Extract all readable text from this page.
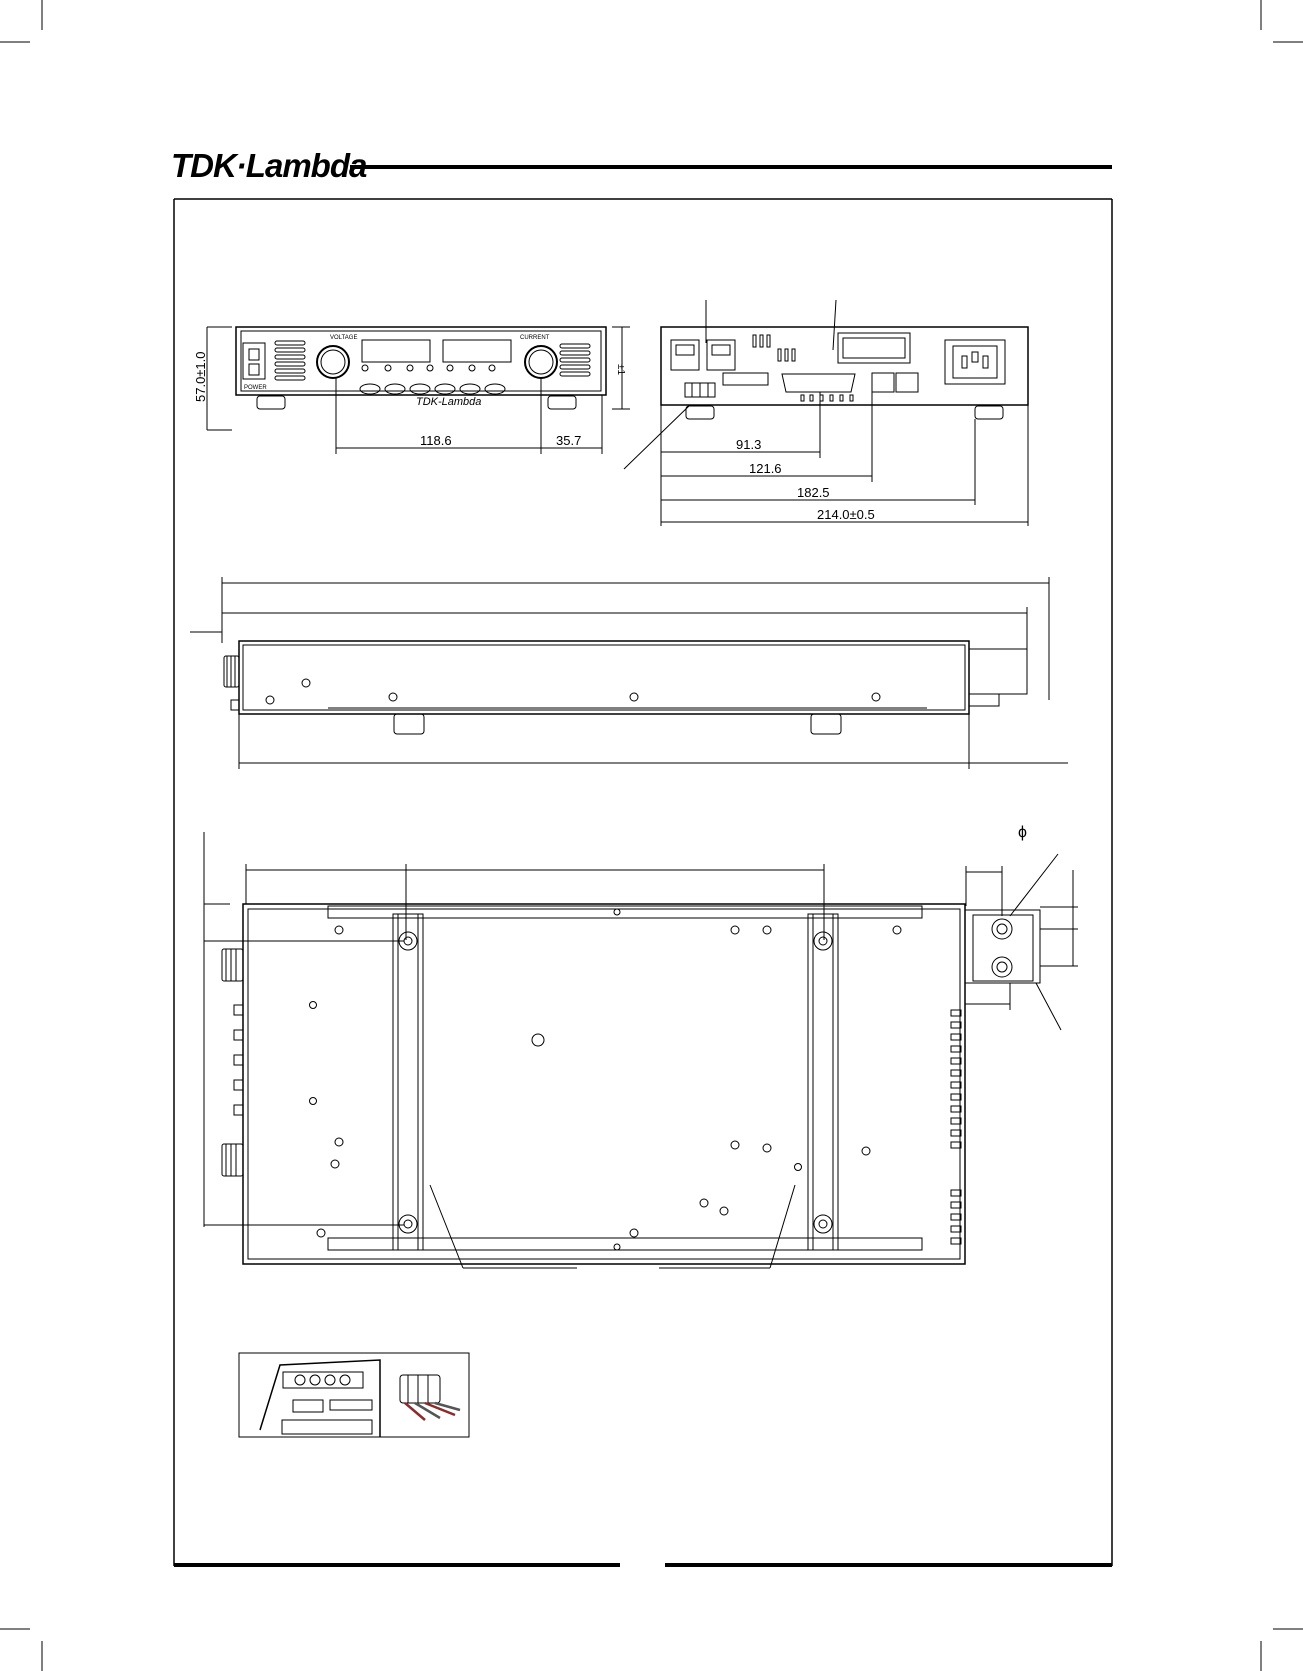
TDK·Lambda
57.0±1.0	±1
118.6	35.7
TDK-Lambda
POWER
VOLTAGE	CURRENT
91.3
121.6
182.5
214.0±0.5
ϕ
